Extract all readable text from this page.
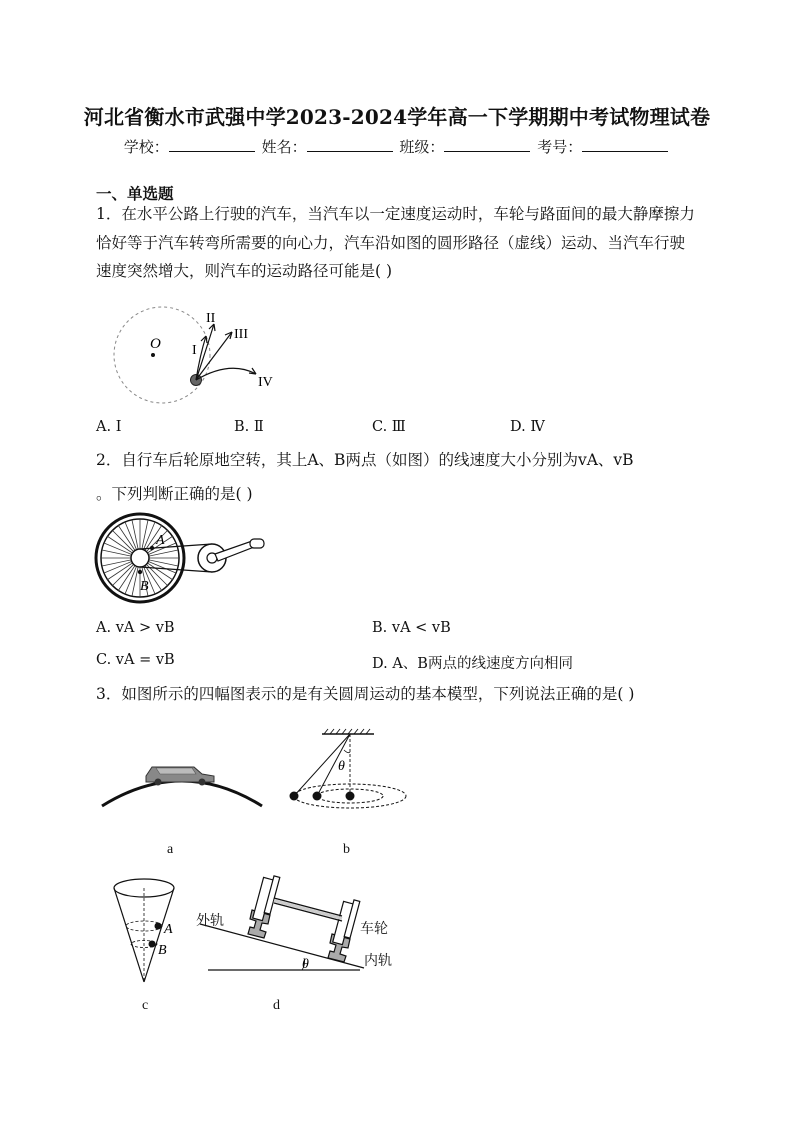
河北省衡水市武强中学2023-2024学年高一下学期期中考试物理试卷
学校：	姓名：	班级：	考号：
一、单选题
1．在水平公路上行驶的汽车，当汽车以一定速度运动时，车轮与路面间的最大静摩擦力恰好等于汽车转弯所需要的向心力，汽车沿如图的圆形路径（虚线）运动、当汽车行驶速度突然增大，则汽车的运动路径可能是( )
O I
II
III
IV
A. Ⅰ	B. Ⅱ	C. Ⅲ	D. Ⅳ
2．自行车后轮原地空转，其上A、B两点（如图）的线速度大小分别为vA、vB
。下列判断正确的是( )
A
B
A. vA > vB	B. vA < vB
C. vA = vB	D. A、B两点的线速度方向相同
3．如图所示的四幅图表示的是有关圆周运动的基本模型，下列说法正确的是( )
a
θ
b
A
B
c
θ
外轨
车轮
内轨
d
